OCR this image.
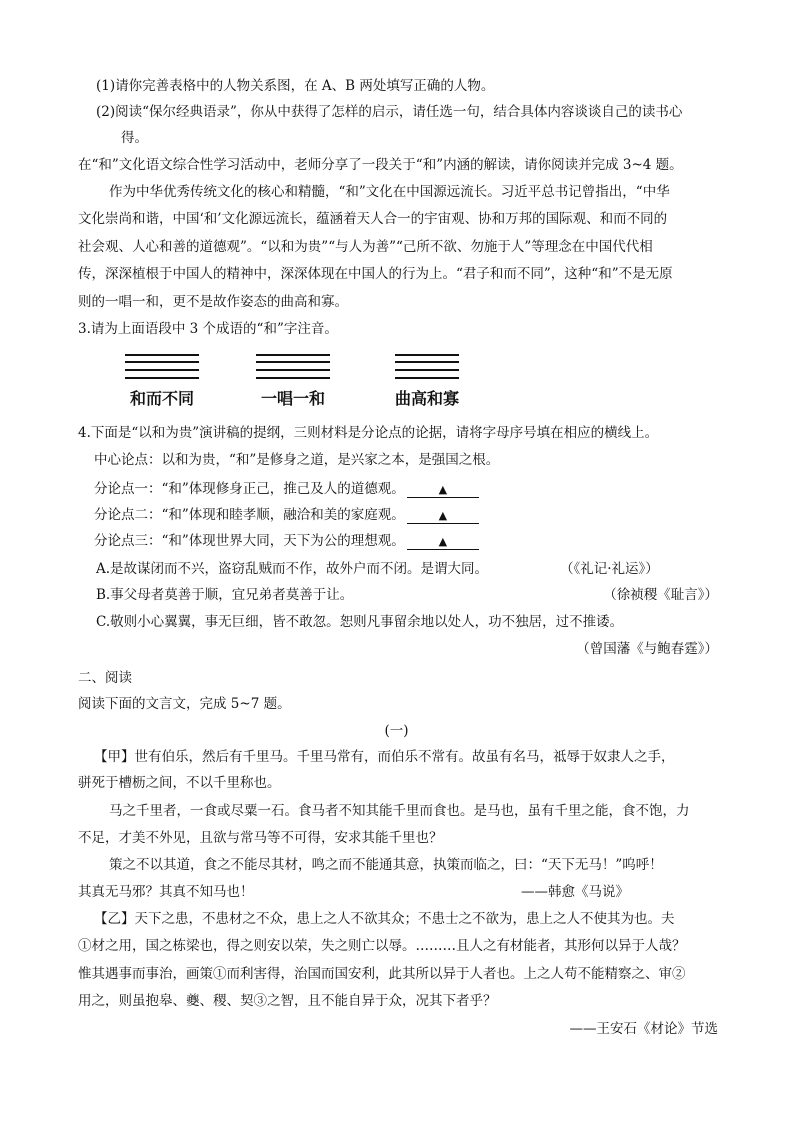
(1)请你完善表格中的人物关系图，在 A、B 两处填写正确的人物。
(2)阅读“保尔经典语录”，你从中获得了怎样的启示，请任选一句，结合具体内容谈谈自己的读书心
得。
在“和”文化语文综合性学习活动中，老师分享了一段关于“和”内涵的解读，请你阅读并完成 3~4 题。
作为中华优秀传统文化的核心和精髓，“和”文化在中国源远流长。习近平总书记曾指出，“中华
文化崇尚和谐，中国‘和’文化源远流长，蕴涵着天人合一的宇宙观、协和万邦的国际观、和而不同的
社会观、人心和善的道德观”。“以和为贵”“与人为善”“己所不欲、勿施于人”等理念在中国代代相
传，深深植根于中国人的精神中，深深体现在中国人的行为上。“君子和而不同”，这种“和”不是无原
则的一唱一和，更不是故作姿态的曲高和寡。
3.请为上面语段中 3 个成语的“和”字注音。
和而不同	一唱一和	曲高和寡
4.下面是“以和为贵”演讲稿的提纲，三则材料是分论点的论据，请将字母序号填在相应的横线上。
中心论点：以和为贵，“和”是修身之道，是兴家之本，是强国之根。
分论点一：“和”体现修身正己，推己及人的道德观。	▲
分论点二：“和”体现和睦孝顺，融洽和美的家庭观。	▲
分论点三：“和”体现世界大同，天下为公的理想观。	▲
A.是故谋闭而不兴，盗窃乱贼而不作，故外户而不闭。是谓大同。	（《礼记·礼运》）
B.事父母者莫善于顺，宜兄弟者莫善于让。	（徐祯稷《耻言》）
C.敬则小心翼翼，事无巨细，皆不敢忽。恕则凡事留余地以处人，功不独居，过不推诿。
（曾国藩《与鲍春霆》）
二、阅读
阅读下面的文言文，完成 5~7 题。
(一)
【甲】世有伯乐，然后有千里马。千里马常有，而伯乐不常有。故虽有名马，祗辱于奴隶人之手，
骈死于槽枥之间，不以千里称也。
马之千里者，一食或尽粟一石。食马者不知其能千里而食也。是马也，虽有千里之能，食不饱，力
不足，才美不外见，且欲与常马等不可得，安求其能千里也？
策之不以其道，食之不能尽其材，鸣之而不能通其意，执策而临之，曰：“天下无马！”呜呼！
其真无马邪？其真不知马也！	——韩愈《马说》
【乙】天下之患，不患材之不众，患上之人不欲其众；不患士之不欲为，患上之人不使其为也。夫
①材之用，国之栋梁也，得之则安以荣，失之则亡以辱。………且人之有材能者，其形何以异于人哉？
惟其遇事而事治，画策①而利害得，治国而国安利，此其所以异于人者也。上之人苟不能精察之、审②
用之，则虽抱皋、夔、稷、契③之智，且不能自异于众，况其下者乎？
——王安石《材论》节选
